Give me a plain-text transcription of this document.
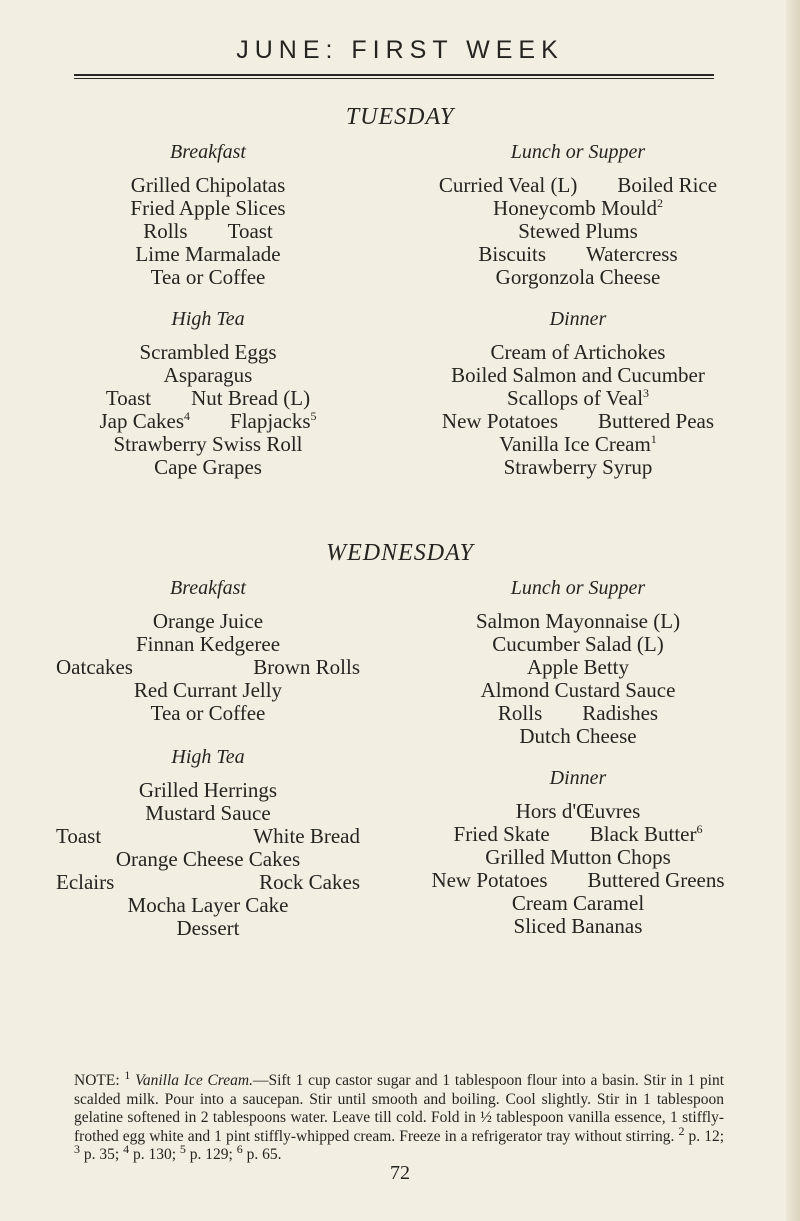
JUNE: FIRST WEEK
TUESDAY
Breakfast
Grilled Chipolatas
Fried Apple Slices
Rolls Toast
Lime Marmalade
Tea or Coffee
High Tea
Scrambled Eggs
Asparagus
Toast Nut Bread (L)
Jap Cakes$^4$ Flapjacks$^5$
Strawberry Swiss Roll
Cape Grapes
Lunch or Supper
Curried Veal (L) Boiled Rice
Honeycomb Mould$^2$
Stewed Plums
Biscuits Watercress
Gorgonzola Cheese
Dinner
Cream of Artichokes
Boiled Salmon and Cucumber
Scallops of Veal$^3$
New Potatoes Buttered Peas
Vanilla Ice Cream$^1$
Strawberry Syrup
WEDNESDAY
Breakfast
Orange Juice
Finnan Kedgeree
Oatcakes	Brown Rolls
Red Currant Jelly
Tea or Coffee
High Tea
Grilled Herrings
Mustard Sauce
Toast	White Bread
Orange Cheese Cakes
Eclairs	Rock Cakes
Mocha Layer Cake
Dessert
Lunch or Supper
Salmon Mayonnaise (L)
Cucumber Salad (L)
Apple Betty
Almond Custard Sauce
Rolls Radishes
Dutch Cheese
Dinner
Hors d'Œuvres
Fried Skate Black Butter$^6$
Grilled Mutton Chops
New Potatoes Buttered Greens
Cream Caramel
Sliced Bananas
NOTE: $^1$ Vanilla Ice Cream.—Sift 1 cup castor sugar and 1 tablespoon flour into a basin. Stir in 1 pint scalded milk. Pour into a saucepan. Stir until smooth and boiling. Cool slightly. Stir in 1 tablespoon gelatine softened in 2 tablespoons water. Leave till cold. Fold in ½ tablespoon vanilla essence, 1 stiffly-frothed egg white and 1 pint stiffly-whipped cream. Freeze in a refrigerator tray without stirring. $^2$ p. 12; $^3$ p. 35; $^4$ p. 130; $^5$ p. 129; $^6$ p. 65.
72
